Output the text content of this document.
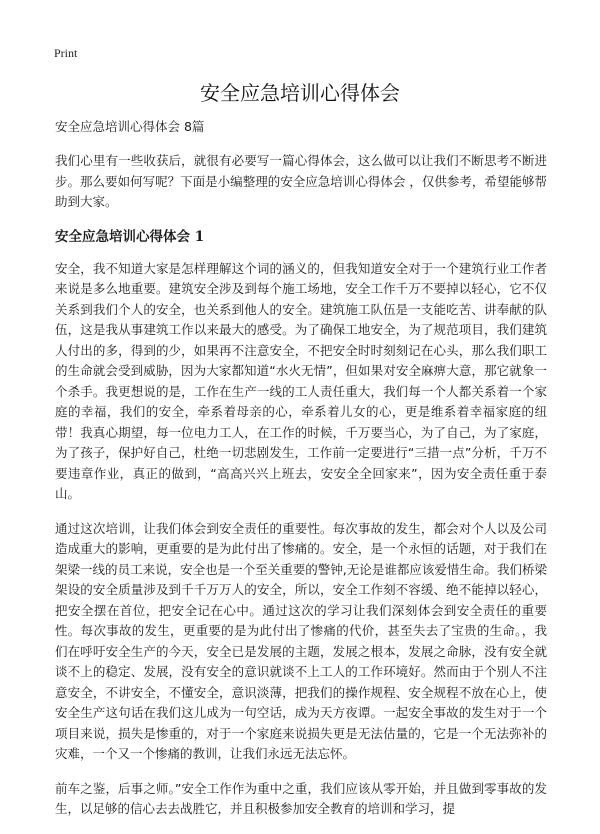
Print
安全应急培训心得体会
安全应急培训心得体会 8篇

我们心里有一些收获后，就很有必要写一篇心得体会，这么做可以让我们不断思考不断进步。那么要如何写呢？下面是小编整理的安全应急培训心得体会 ，仅供参考，希望能够帮助到大家。

安全应急培训心得体会 1

安全，我不知道大家是怎样理解这个词的涵义的，但我知道安全对于一个建筑行业工作者来说是多么地重要。建筑安全涉及到每个施工场地，安全工作千万不要掉以轻心，它不仅关系到我们个人的安全，也关系到他人的安全。建筑施工队伍是一支能吃苦、讲奉献的队伍，这是我从事建筑工作以来最大的感受。为了确保工地安全，为了规范项目，我们建筑人付出的多，得到的少，如果再不注意安全，不把安全时时刻刻记在心头，那么我们职工的生命就会受到威胁，因为大家都知道“水火无情”，但如果对安全麻痹大意，那它就象一个杀手。我更想说的是，工作在生产一线的工人责任重大，我们每一个人都关系着一个家庭的幸福，我们的安全，牵系着母亲的心，牵系着儿女的心，更是维系着幸福家庭的纽带！我真心期望，每一位电力工人，在工作的时候，千万要当心，为了自己，为了家庭，为了孩子，保护好自己，杜绝一切悲剧发生，工作前一定要进行“三措一点”分析，千万不要违章作业，真正的做到，“高高兴兴上班去，安安全全回家来”，因为安全责任重于泰山。

通过这次培训，让我们体会到安全责任的重要性。每次事故的发生，都会对个人以及公司造成重大的影响，更重要的是为此付出了惨痛的。安全，是一个永恒的话题，对于我们在架梁一线的员工来说，安全也是一个至关重要的警钟,无论是谁都应该爱惜生命。我们桥梁架设的安全质量涉及到千千万万人的安全，所以，安全工作刻不容缓、绝不能掉以轻心，把安全摆在首位，把安全记在心中。通过这次的学习让我们深刻体会到安全责任的重要性。每次事故的发生，更重要的是为此付出了惨痛的代价，甚至失去了宝贵的生命。，我们在呼吁安全生产的今天，安全已是发展的主题，发展之根本，发展之命脉，没有安全就谈不上的稳定、发展，没有安全的意识就谈不上工人的工作环境好。然而由于个别人不注意安全，不讲安全，不懂安全，意识淡薄，把我们的操作规程、安全规程不放在心上，使安全生产这句话在我们这儿成为一句空话，成为天方夜谭。一起安全事故的发生对于一个项目来说，损失是惨重的，对于一个家庭来说损失更是无法估量的，它是一个无法弥补的灾难，一个又一个惨痛的教训，让我们永远无法忘怀。

前车之鉴，后事之师。”安全工作作为重中之重，我们应该从零开始，并且做到零事故的发生，以足够的信心去去战胜它，并且积极参加安全教育的培训和学习，提
